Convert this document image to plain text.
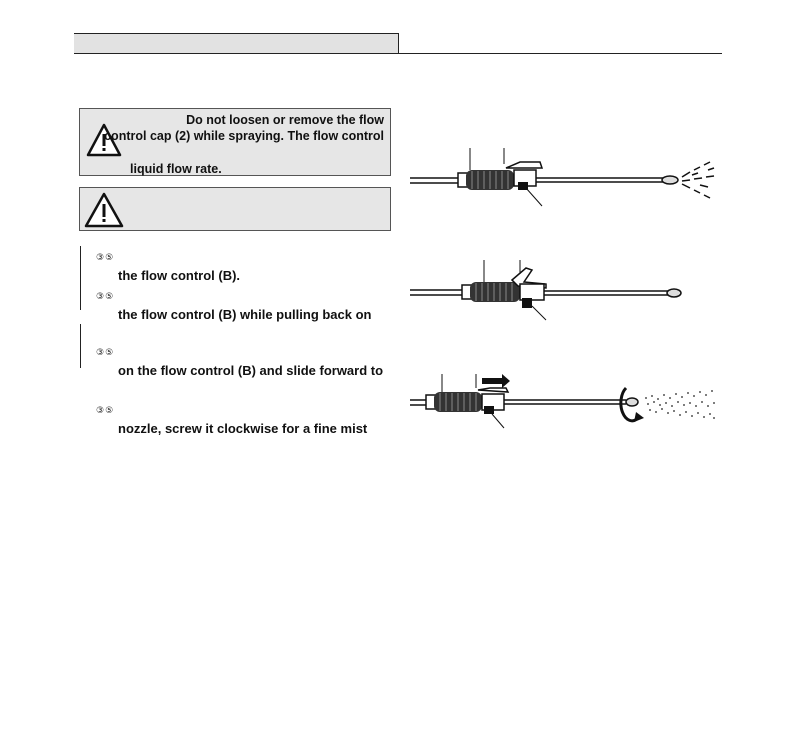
Do not loosen or remove the flow
control cap (2) while spraying. The flow control
liquid flow rate.
③⑤
the flow control (B).
③⑤
the flow control (B) while pulling back on
③⑤
on the flow control (B) and slide forward to
③⑤
nozzle, screw it clockwise for a fine mist
